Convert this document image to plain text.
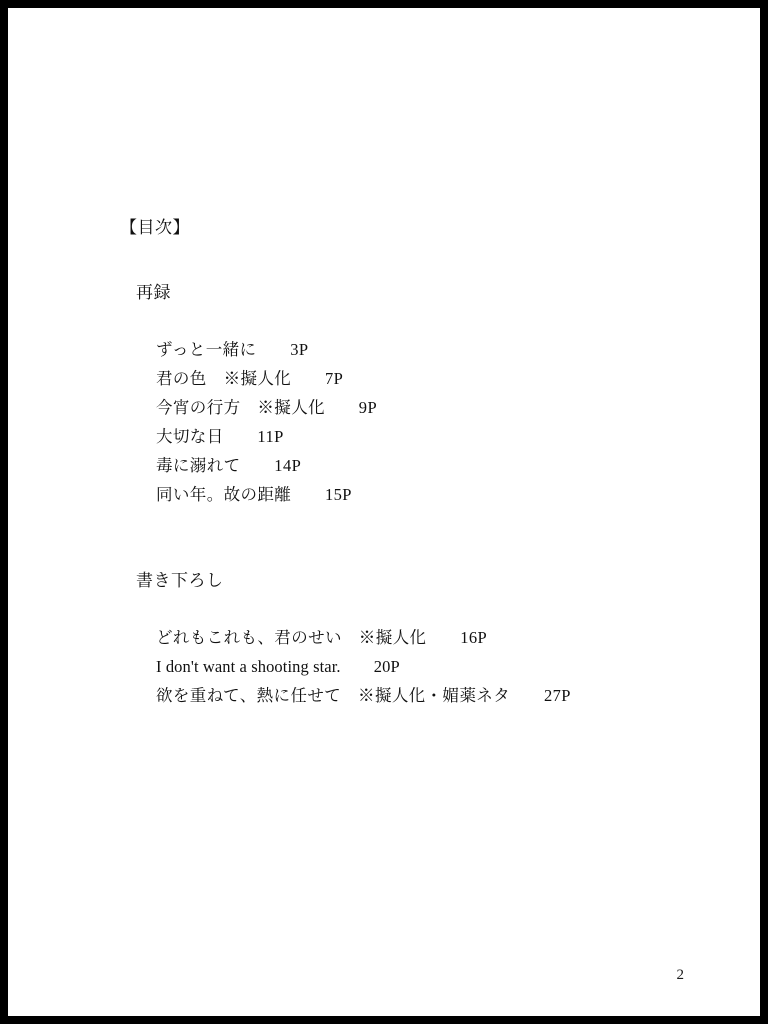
【目次】
再録
ずっと一緒に　　3P
君の色　※擬人化　　7P
今宵の行方　※擬人化　　9P
大切な日　　11P
毒に溺れて　　14P
同い年。故の距離　　15P
書き下ろし
どれもこれも、君のせい　※擬人化　　16P
I don't want a shooting star.　　20P
欲を重ねて、熱に任せて　※擬人化・媚薬ネタ　　27P
2
